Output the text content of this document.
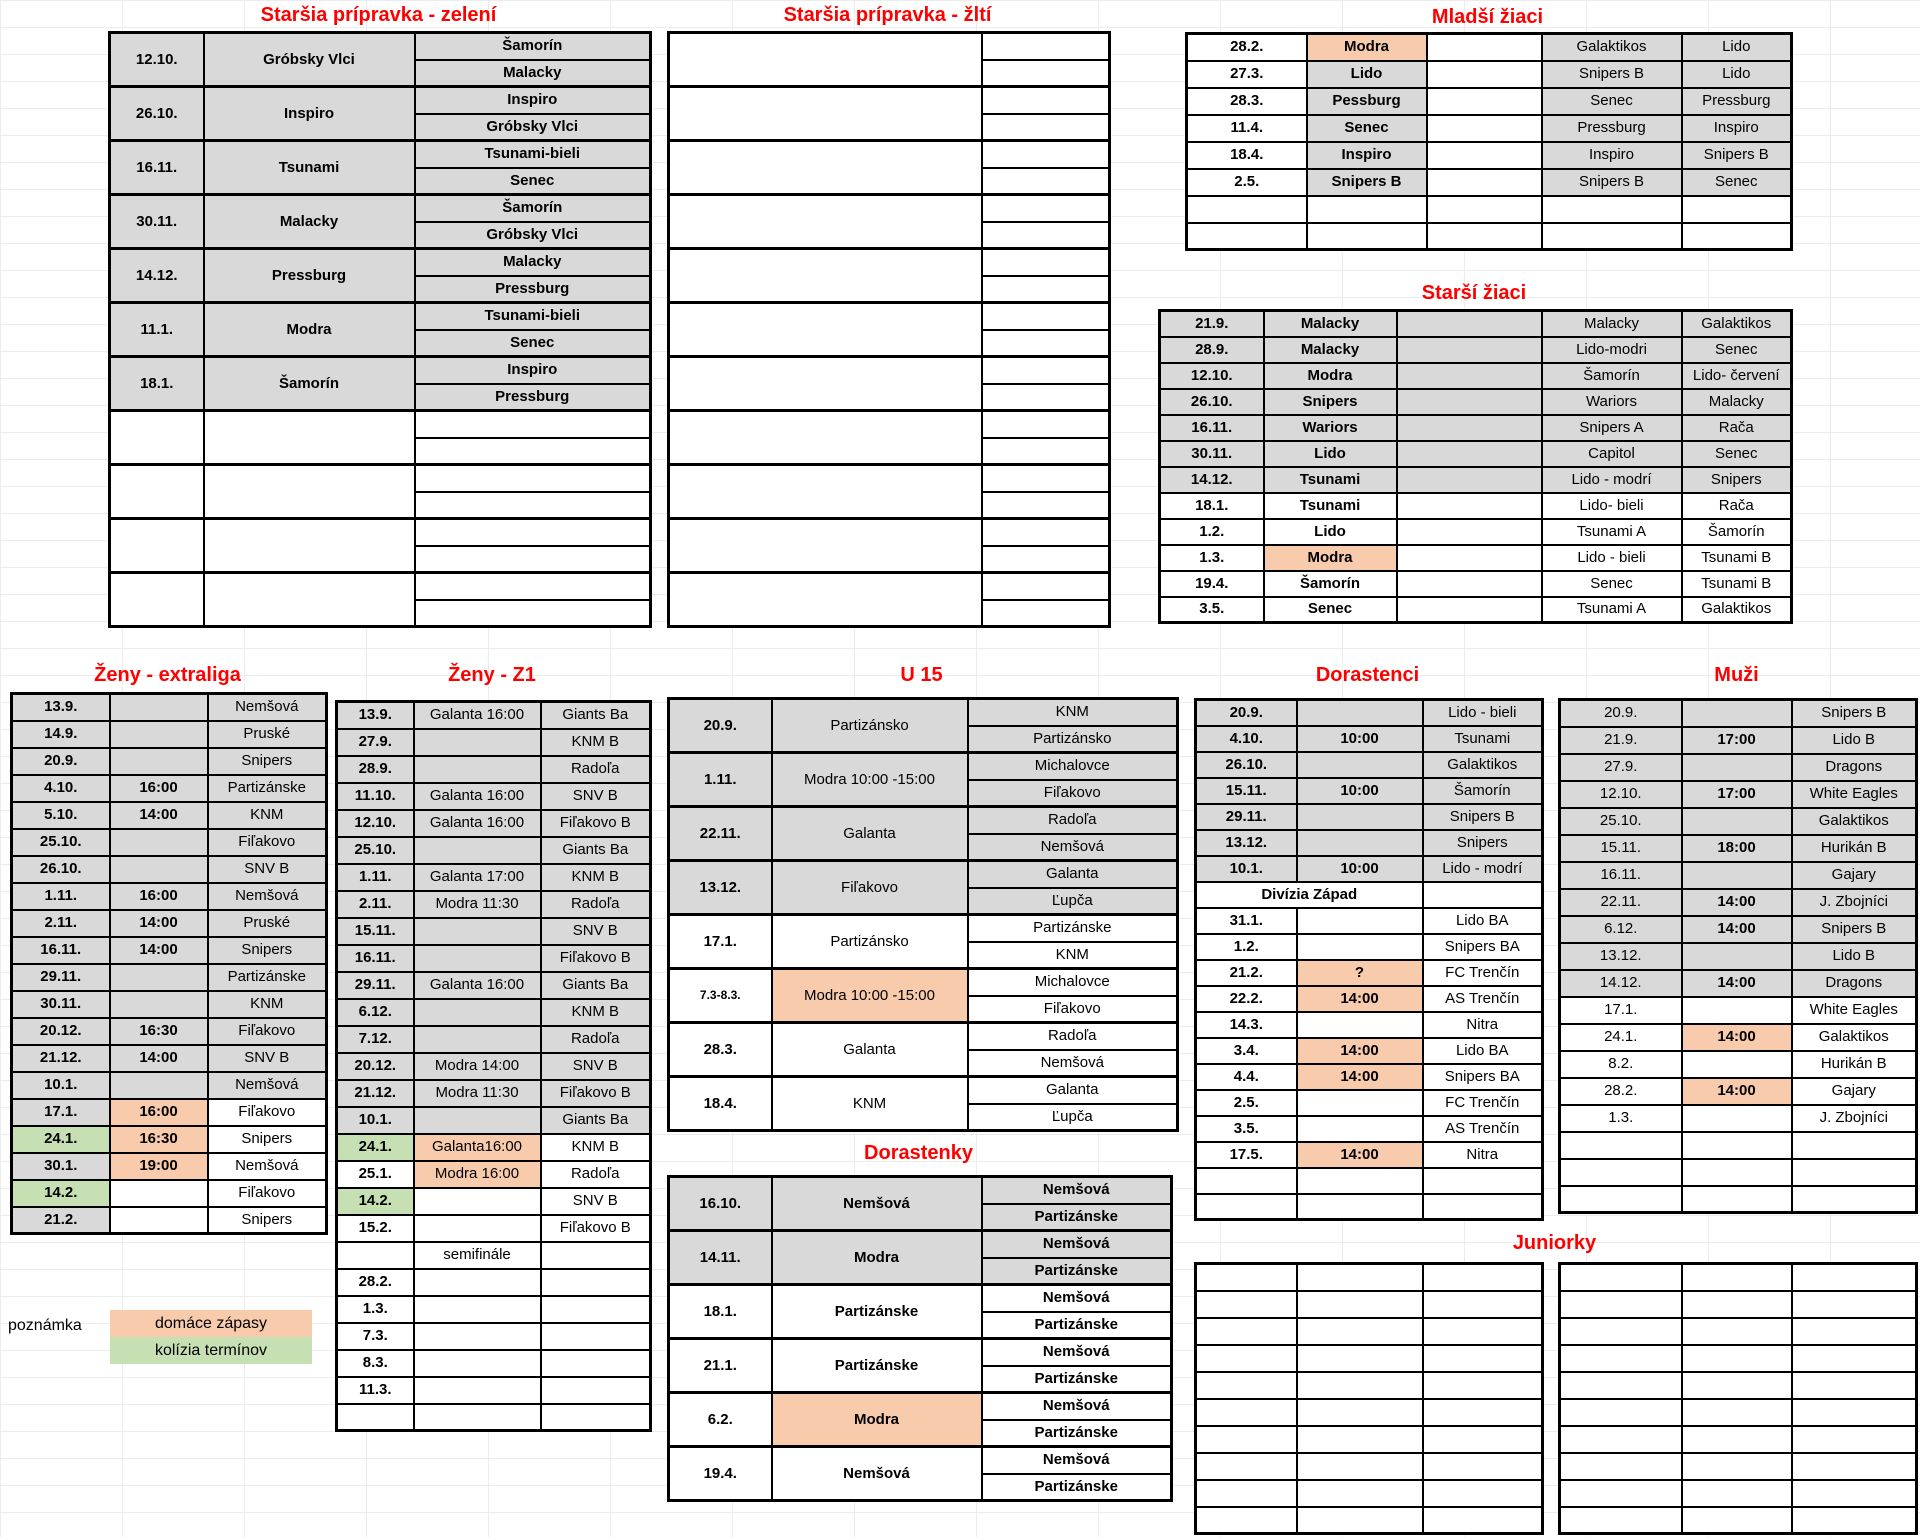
Staršia prípravka - zelení	Staršia prípravka - žltí	Mladší žiaci
Starší žiaci
Ženy - extraliga	Ženy - Z1	U 15	Dorastenci	Muži
Dorastenky
Juniorky
12.10.	Gróbsky Vlci	Šamorín
		Malacky
26.10.	Inspiro	Inspiro
		Gróbsky Vlci
16.11.	Tsunami	Tsunami-bieli
		Senec
30.11.	Malacky	Šamorín
		Gróbsky Vlci
14.12.	Pressburg	Malacky
		Pressburg
11.1.	Modra	Tsunami-bieli
		Senec
18.1.	Šamorín	Inspiro
		Pressburg

28.2.	Modra		Galaktikos	Lido
27.3.	Lido		Snipers B	Lido
28.3.	Pessburg		Senec	Pressburg
11.4.	Senec		Pressburg	Inspiro
18.4.	Inspiro		Inspiro	Snipers B
2.5.	Snipers B		Snipers B	Senec

21.9.	Malacky		Malacky	Galaktikos
28.9.	Malacky		Lido-modri	Senec
12.10.	Modra		Šamorín	Lido- červení
26.10.	Snipers		Wariors	Malacky
16.11.	Wariors		Snipers A	Rača
30.11.	Lido		Capitol	Senec
14.12.	Tsunami		Lido - modrí	Snipers
18.1.	Tsunami		Lido- bieli	Rača
1.2.	Lido		Tsunami A	Šamorín
1.3.	Modra		Lido - bieli	Tsunami B
19.4.	Šamorín		Senec	Tsunami B
3.5.	Senec		Tsunami A	Galaktikos
13.9.		Nemšová
14.9.		Pruské
20.9.		Snipers
4.10.	16:00	Partizánske
5.10.	14:00	KNM
25.10.		Fiľakovo
26.10.		SNV B
1.11.	16:00	Nemšová
2.11.	14:00	Pruské
16.11.	14:00	Snipers
29.11.		Partizánske
30.11.		KNM
20.12.	16:30	Fiľakovo
21.12.	14:00	SNV B
10.1.		Nemšová
17.1.	16:00	Fiľakovo
24.1.	16:30	Snipers
30.1.	19:00	Nemšová
14.2.		Fiľakovo
21.2.		Snipers
13.9.	Galanta 16:00	Giants Ba
27.9.		KNM B
28.9.		Radoľa
11.10.	Galanta 16:00	SNV B
12.10.	Galanta 16:00	Fiľakovo B
25.10.		Giants Ba
1.11.	Galanta 17:00	KNM B
2.11.	Modra 11:30	Radoľa
15.11.		SNV B
16.11.		Fiľakovo B
29.11.	Galanta 16:00	Giants Ba
6.12.		KNM B
7.12.		Radoľa
20.12.	Modra 14:00	SNV B
21.12.	Modra 11:30	Fiľakovo B
10.1.		Giants Ba
24.1.	Galanta16:00	KNM B
25.1.	Modra 16:00	Radoľa
14.2.		SNV B
15.2.		Fiľakovo B
	semifinále	
28.2.		
1.3.		
7.3.		
8.3.		
11.3.		

20.9.	Partizánsko	KNM
		Partizánsko
1.11.	Modra 10:00 -15:00	Michalovce
		Fiľakovo
22.11.	Galanta	Radoľa
		Nemšová
13.12.	Fiľakovo	Galanta
		Ľupča
17.1.	Partizánsko	Partizánske
		KNM
7.3-8.3.	Modra 10:00 -15:00	Michalovce
		Fiľakovo
28.3.	Galanta	Radoľa
		Nemšová
18.4.	KNM	Galanta
		Ľupča
20.9.		Lido - bieli
4.10.	10:00	Tsunami
26.10.		Galaktikos
15.11.	10:00	Šamorín
29.11.		Snipers B
13.12.		Snipers
10.1.	10:00	Lido - modrí
Divízia Západ		
31.1.		Lido BA
1.2.		Snipers BA
21.2.	?	FC Trenčín
22.2.	14:00	AS Trenčín
14.3.		Nitra
3.4.	14:00	Lido BA
4.4.	14:00	Snipers BA
2.5.		FC Trenčín
3.5.		AS Trenčín
17.5.	14:00	Nitra

20.9.		Snipers B
21.9.	17:00	Lido B
27.9.		Dragons
12.10.	17:00	White Eagles
25.10.		Galaktikos
15.11.	18:00	Hurikán B
16.11.		Gajary
22.11.	14:00	J. Zbojníci
6.12.	14:00	Snipers B
13.12.		Lido B
14.12.	14:00	Dragons
17.1.		White Eagles
24.1.	14:00	Galaktikos
8.2.		Hurikán B
28.2.	14:00	Gajary
1.3.		J. Zbojníci

16.10.	Nemšová	Nemšová
		Partizánske
14.11.	Modra	Nemšová
		Partizánske
18.1.	Partizánske	Nemšová
		Partizánske
21.1.	Partizánske	Nemšová
		Partizánske
6.2.	Modra	Nemšová
		Partizánske
19.4.	Nemšová	Nemšová
		Partizánske

poznámka	domáce zápasy
kolízia termínov
